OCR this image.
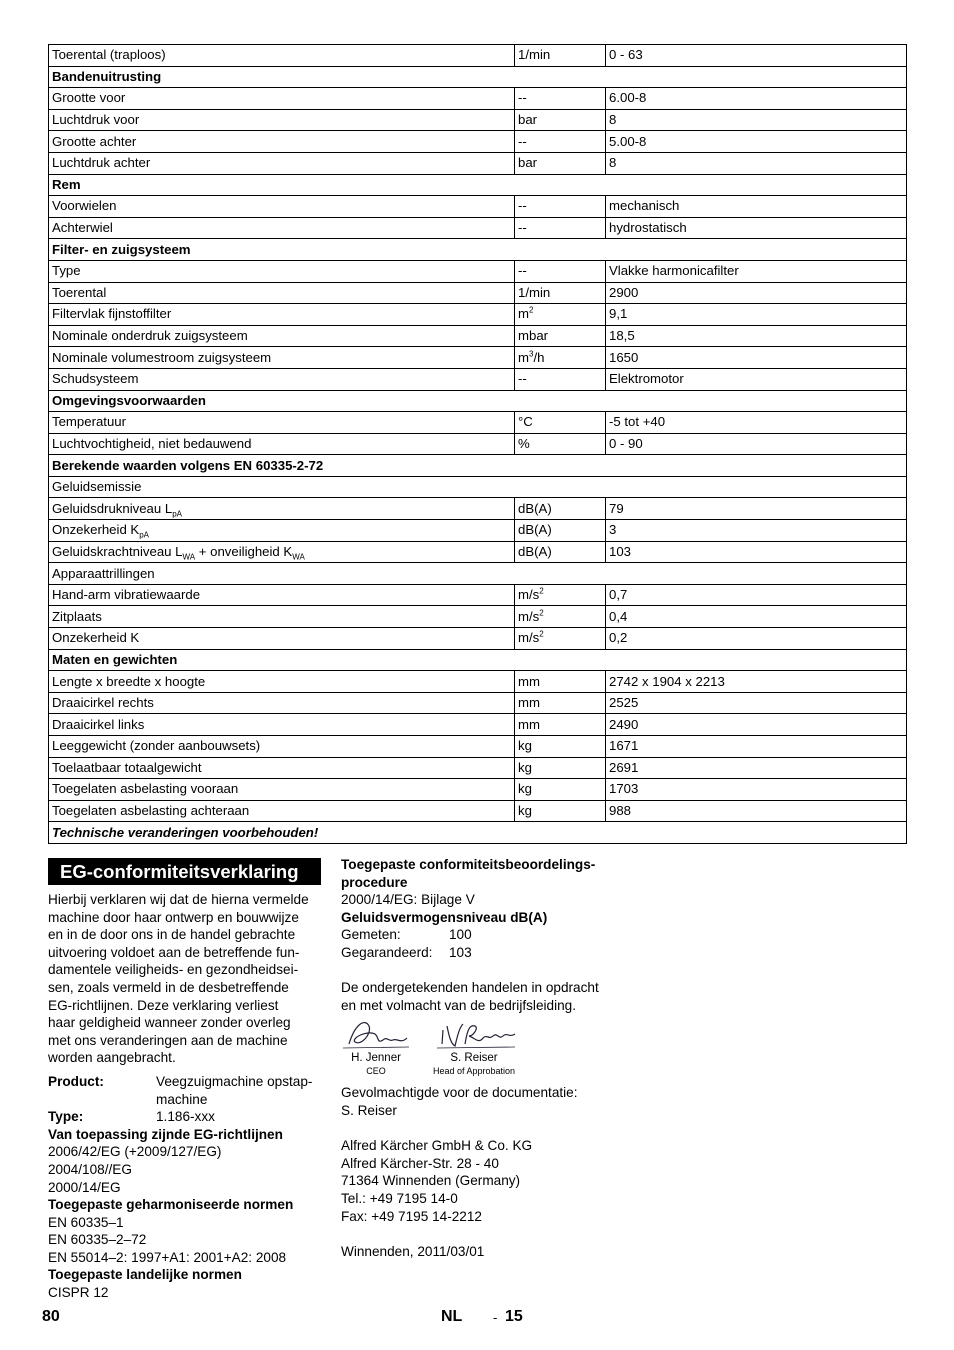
Toerental (traploos)	1/min	0 - 63
Bandenuitrusting		
Grootte voor	--	6.00-8
Luchtdruk voor	bar	8
Grootte achter	--	5.00-8
Luchtdruk achter	bar	8
Rem		
Voorwielen	--	mechanisch
Achterwiel	--	hydrostatisch
Filter- en zuigsysteem		
Type	--	Vlakke harmonicafilter
Toerental	1/min	2900
Filtervlak fijnstoffilter	$m^2$	9,1
Nominale onderdruk zuigsysteem	mbar	18,5
Nominale volumestroom zuigsysteem	$m^3/h$	1650
Schudsysteem	--	Elektromotor
Omgevingsvoorwaarden		
Temperatuur	°C	-5 tot +40
Luchtvochtigheid, niet bedauwend	%	0 - 90
Berekende waarden volgens EN 60335-2-72		
Geluidsemissie		
Geluidsdrukniveau $L_{pA}$	dB(A)	79
Onzekerheid $K_{pA}$	dB(A)	3
Geluidskrachtniveau $L_{WA}$ + onveiligheid $K_{WA}$	dB(A)	103
Apparaattrillingen		
Hand-arm vibratiewaarde	$m/s^2$	0,7
Zitplaats	$m/s^2$	0,4
Onzekerheid K	$m/s^2$	0,2
Maten en gewichten		
Lengte x breedte x hoogte	mm	2742 x 1904 x 2213
Draaicirkel rechts	mm	2525
Draaicirkel links	mm	2490
Leeggewicht (zonder aanbouwsets)	kg	1671
Toelaatbaar totaalgewicht	kg	2691
Toegelaten asbelasting vooraan	kg	1703
Toegelaten asbelasting achteraan	kg	988
Technische veranderingen voorbehouden!		
EG-conformiteitsverklaring
Hierbij verklaren wij dat de hierna vermelde
machine door haar ontwerp en bouwwijze
en in de door ons in de handel gebrachte
uitvoering voldoet aan de betreffende fun-
damentele veiligheids- en gezondheidsei-
sen, zoals vermeld in de desbetreffende
EG-richtlijnen. Deze verklaring verliest
haar geldigheid wanneer zonder overleg
met ons veranderingen aan de machine
worden aangebracht.
Product:	Veegzuigmachine opstap-
machine
Type:	1.186-xxx
Van toepassing zijnde EG-richtlijnen
2006/42/EG (+2009/127/EG)
2004/108//EG
2000/14/EG
Toegepaste geharmoniseerde normen
EN 60335–1
EN 60335–2–72
EN 55014–2: 1997+A1: 2001+A2: 2008
Toegepaste landelijke normen
CISPR 12
Toegepaste conformiteitsbeoordelings-
procedure
2000/14/EG: Bijlage V
Geluidsvermogensniveau dB(A)
Gemeten:	100
Gegarandeerd:	103
De ondergetekenden handelen in opdracht
en met volmacht van de bedrijfsleiding.
H. Jenner
CEO
S. Reiser
Head of Approbation
Gevolmachtigde voor de documentatie:
S. Reiser
Alfred Kärcher GmbH & Co. KG
Alfred Kärcher-Str. 28 - 40
71364 Winnenden (Germany)
Tel.: +49 7195 14-0
Fax: +49 7195 14-2212
Winnenden, 2011/03/01
80	NL - 15
